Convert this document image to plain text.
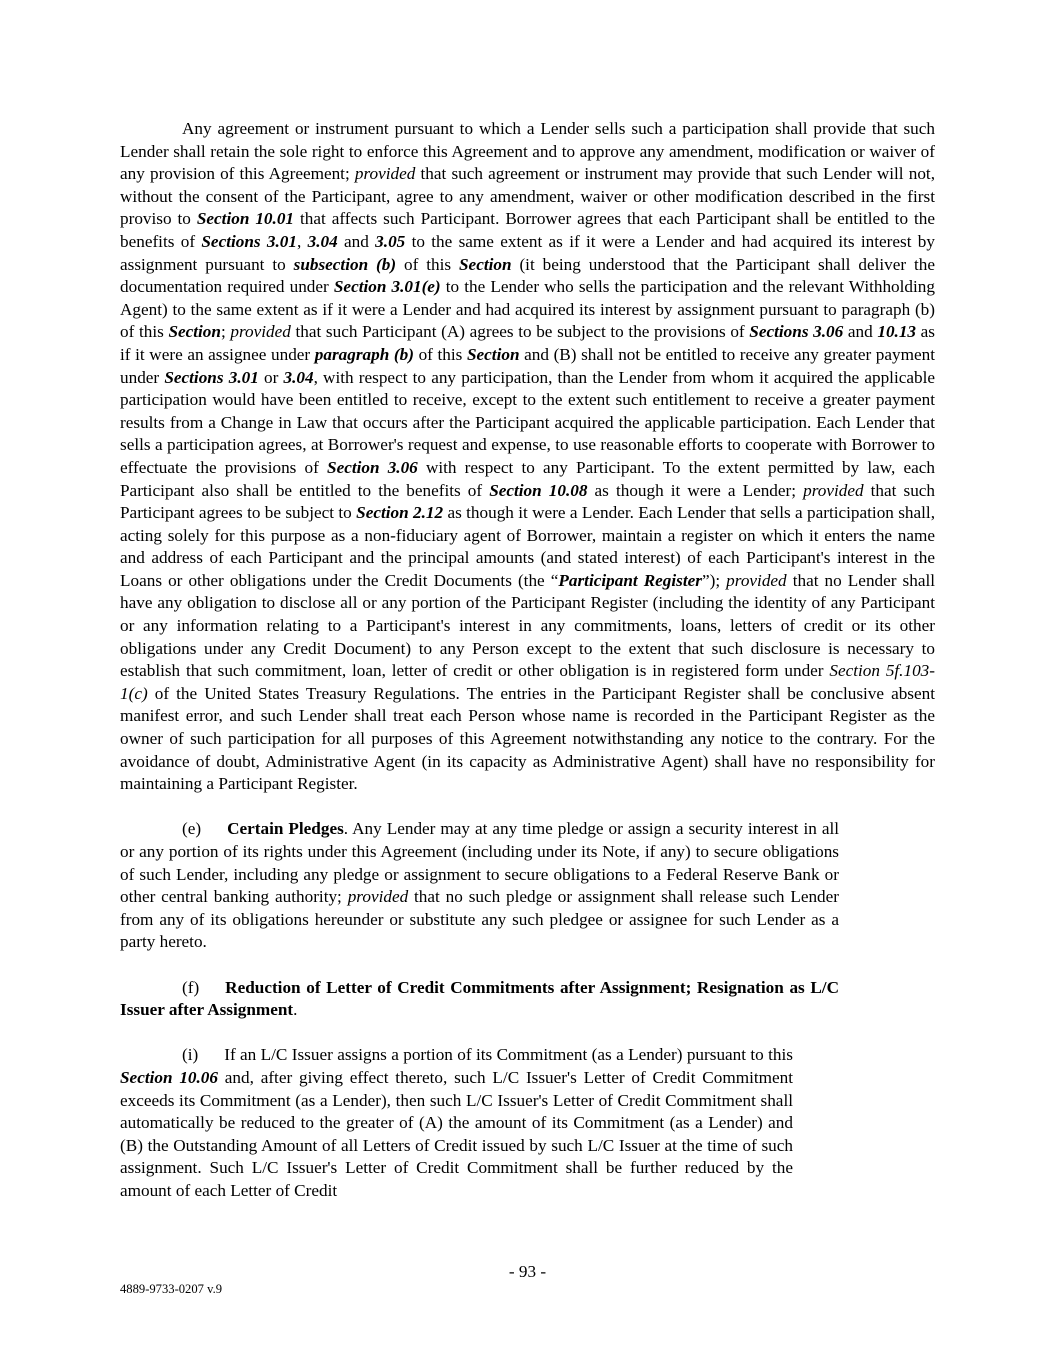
Any agreement or instrument pursuant to which a Lender sells such a participation shall provide that such Lender shall retain the sole right to enforce this Agreement and to approve any amendment, modification or waiver of any provision of this Agreement; provided that such agreement or instrument may provide that such Lender will not, without the consent of the Participant, agree to any amendment, waiver or other modification described in the first proviso to Section 10.01 that affects such Participant. Borrower agrees that each Participant shall be entitled to the benefits of Sections 3.01, 3.04 and 3.05 to the same extent as if it were a Lender and had acquired its interest by assignment pursuant to subsection (b) of this Section (it being understood that the Participant shall deliver the documentation required under Section 3.01(e) to the Lender who sells the participation and the relevant Withholding Agent) to the same extent as if it were a Lender and had acquired its interest by assignment pursuant to paragraph (b) of this Section; provided that such Participant (A) agrees to be subject to the provisions of Sections 3.06 and 10.13 as if it were an assignee under paragraph (b) of this Section and (B) shall not be entitled to receive any greater payment under Sections 3.01 or 3.04, with respect to any participation, than the Lender from whom it acquired the applicable participation would have been entitled to receive, except to the extent such entitlement to receive a greater payment results from a Change in Law that occurs after the Participant acquired the applicable participation. Each Lender that sells a participation agrees, at Borrower's request and expense, to use reasonable efforts to cooperate with Borrower to effectuate the provisions of Section 3.06 with respect to any Participant. To the extent permitted by law, each Participant also shall be entitled to the benefits of Section 10.08 as though it were a Lender; provided that such Participant agrees to be subject to Section 2.12 as though it were a Lender. Each Lender that sells a participation shall, acting solely for this purpose as a non-fiduciary agent of Borrower, maintain a register on which it enters the name and address of each Participant and the principal amounts (and stated interest) of each Participant's interest in the Loans or other obligations under the Credit Documents (the “Participant Register”); provided that no Lender shall have any obligation to disclose all or any portion of the Participant Register (including the identity of any Participant or any information relating to a Participant's interest in any commitments, loans, letters of credit or its other obligations under any Credit Document) to any Person except to the extent that such disclosure is necessary to establish that such commitment, loan, letter of credit or other obligation is in registered form under Section 5f.103-1(c) of the United States Treasury Regulations. The entries in the Participant Register shall be conclusive absent manifest error, and such Lender shall treat each Person whose name is recorded in the Participant Register as the owner of such participation for all purposes of this Agreement notwithstanding any notice to the contrary. For the avoidance of doubt, Administrative Agent (in its capacity as Administrative Agent) shall have no responsibility for maintaining a Participant Register.

(e) Certain Pledges. Any Lender may at any time pledge or assign a security interest in all or any portion of its rights under this Agreement (including under its Note, if any) to secure obligations of such Lender, including any pledge or assignment to secure obligations to a Federal Reserve Bank or other central banking authority; provided that no such pledge or assignment shall release such Lender from any of its obligations hereunder or substitute any such pledgee or assignee for such Lender as a party hereto.

(f) Reduction of Letter of Credit Commitments after Assignment; Resignation as L/C Issuer after Assignment.

(i) If an L/C Issuer assigns a portion of its Commitment (as a Lender) pursuant to this Section 10.06 and, after giving effect thereto, such L/C Issuer's Letter of Credit Commitment exceeds its Commitment (as a Lender), then such L/C Issuer's Letter of Credit Commitment shall automatically be reduced to the greater of (A) the amount of its Commitment (as a Lender) and (B) the Outstanding Amount of all Letters of Credit issued by such L/C Issuer at the time of such assignment. Such L/C Issuer's Letter of Credit Commitment shall be further reduced by the amount of each Letter of Credit

- 93 -
4889-9733-0207 v.9
